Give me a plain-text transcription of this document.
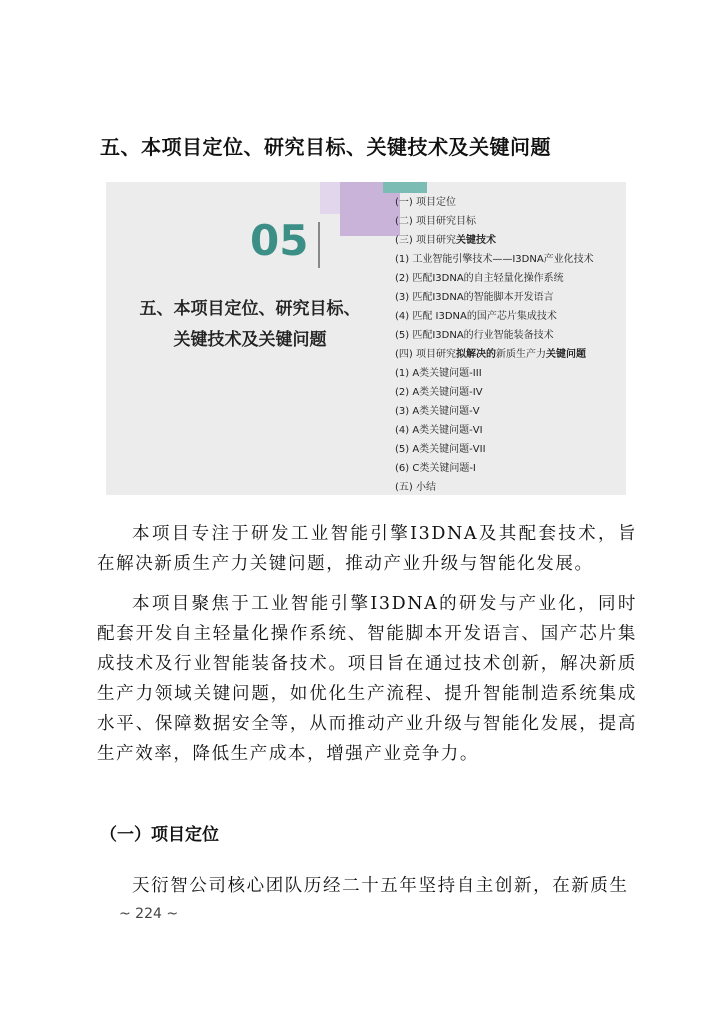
五、本项目定位、研究目标、关键技术及关键问题
05
五、本项目定位、研究目标、
关键技术及关键问题
(一) 项目定位
(二) 项目研究目标
(三) 项目研究关键技术
(1) 工业智能引擎技术——I3DNA产业化技术
(2) 匹配I3DNA的自主轻量化操作系统
(3) 匹配I3DNA的智能脚本开发语言
(4) 匹配 I3DNA的国产芯片集成技术
(5) 匹配I3DNA的行业智能装备技术
(四) 项目研究拟解决的新质生产力关键问题
(1) A类关键问题-III
(2) A类关键问题-IV
(3) A类关键问题-V
(4) A类关键问题-VI
(5) A类关键问题-VII
(6) C类关键问题-I
(五) 小结

本项目专注于研发工业智能引擎I3DNA及其配套技术，旨在解决新质生产力关键问题，推动产业升级与智能化发展。

本项目聚焦于工业智能引擎I3DNA的研发与产业化，同时配套开发自主轻量化操作系统、智能脚本开发语言、国产芯片集成技术及行业智能装备技术。项目旨在通过技术创新，解决新质生产力领域关键问题，如优化生产流程、提升智能制造系统集成水平、保障数据安全等，从而推动产业升级与智能化发展，提高生产效率，降低生产成本，增强产业竞争力。

（一）项目定位

天衍智公司核心团队历经二十五年坚持自主创新，在新质生

~ 224 ~
